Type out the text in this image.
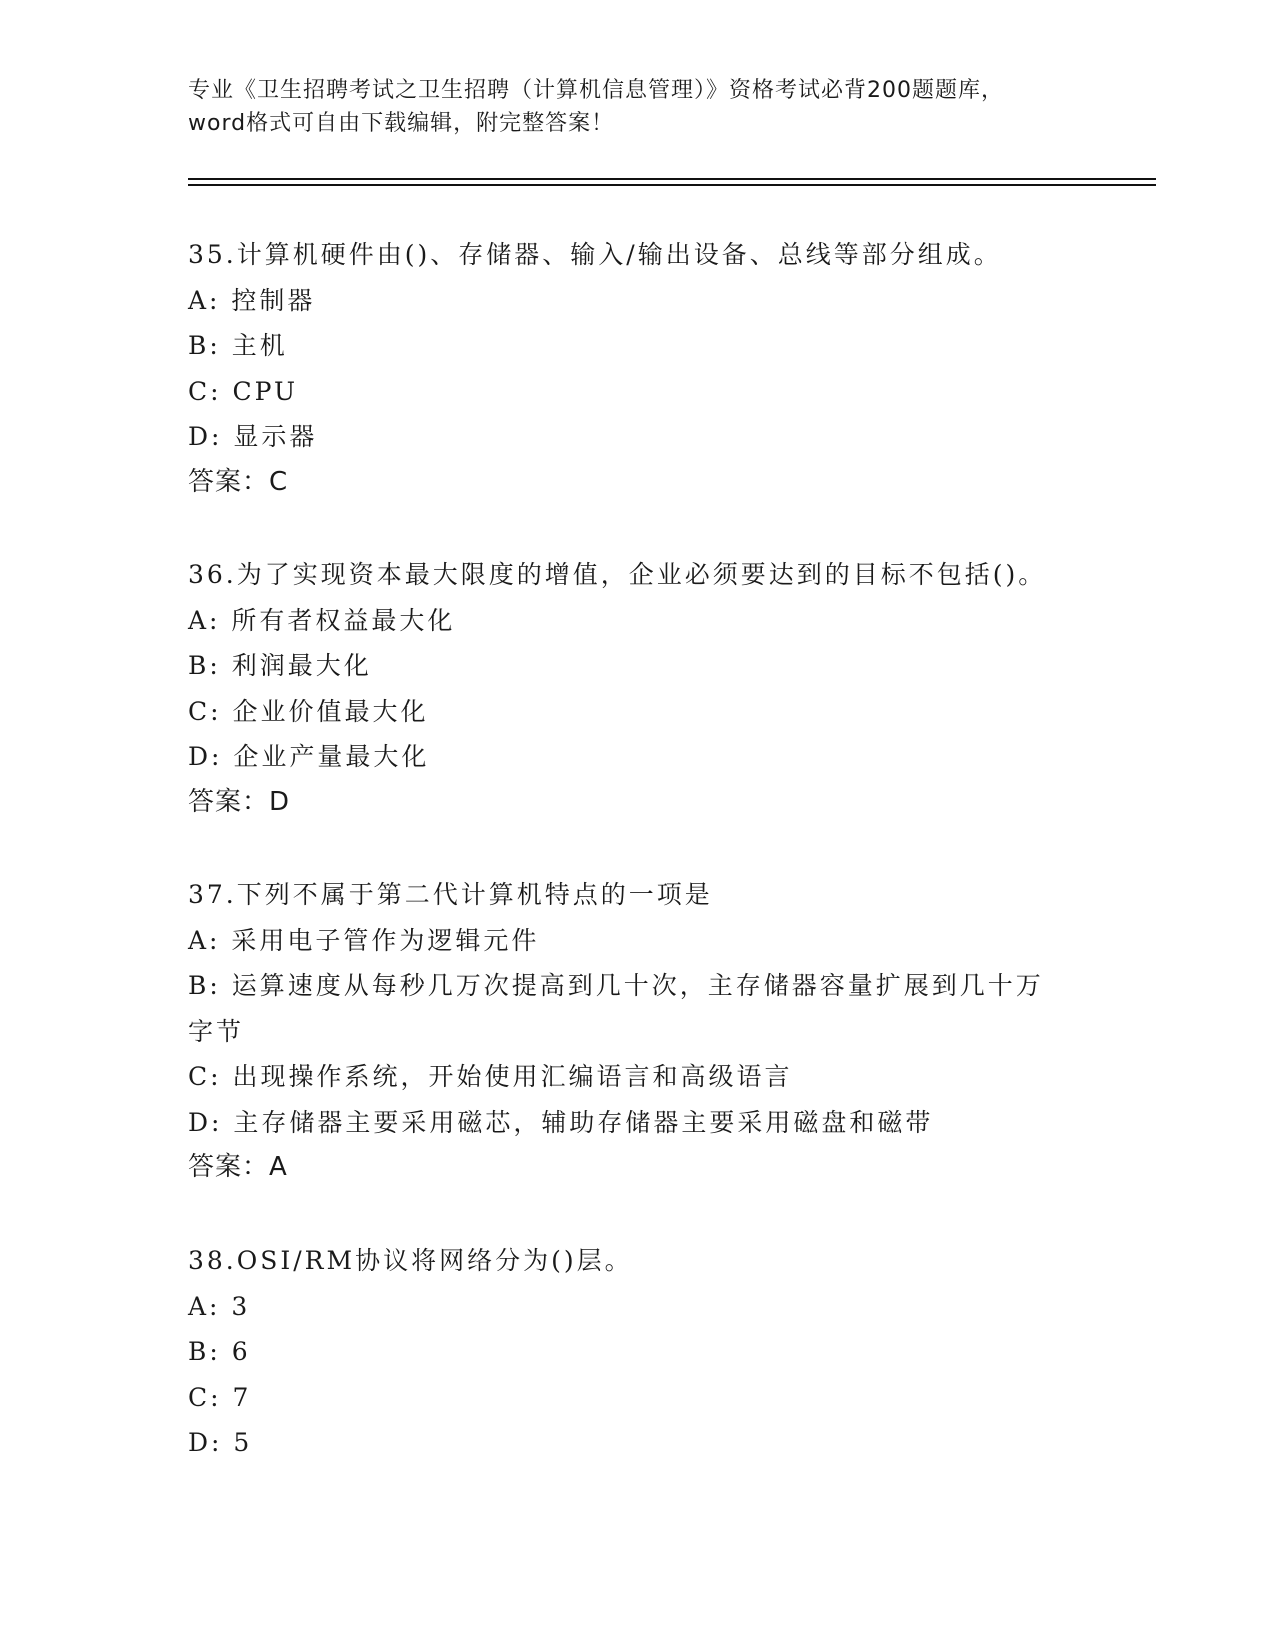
专业《卫生招聘考试之卫生招聘（计算机信息管理）》资格考试必背200题题库，
word格式可自由下载编辑，附完整答案！
35.计算机硬件由()、存储器、输入/输出设备、总线等部分组成。
A: 控制器
B: 主机
C: CPU
D: 显示器
答案：C
36.为了实现资本最大限度的增值，企业必须要达到的目标不包括()。
A: 所有者权益最大化
B: 利润最大化
C: 企业价值最大化
D: 企业产量最大化
答案：D
37.下列不属于第二代计算机特点的一项是
A: 采用电子管作为逻辑元件
B: 运算速度从每秒几万次提高到几十次，主存储器容量扩展到几十万
字节
C: 出现操作系统，开始使用汇编语言和高级语言
D: 主存储器主要采用磁芯，辅助存储器主要采用磁盘和磁带
答案：A
38.OSI/RM协议将网络分为()层。
A: 3
B: 6
C: 7
D: 5
